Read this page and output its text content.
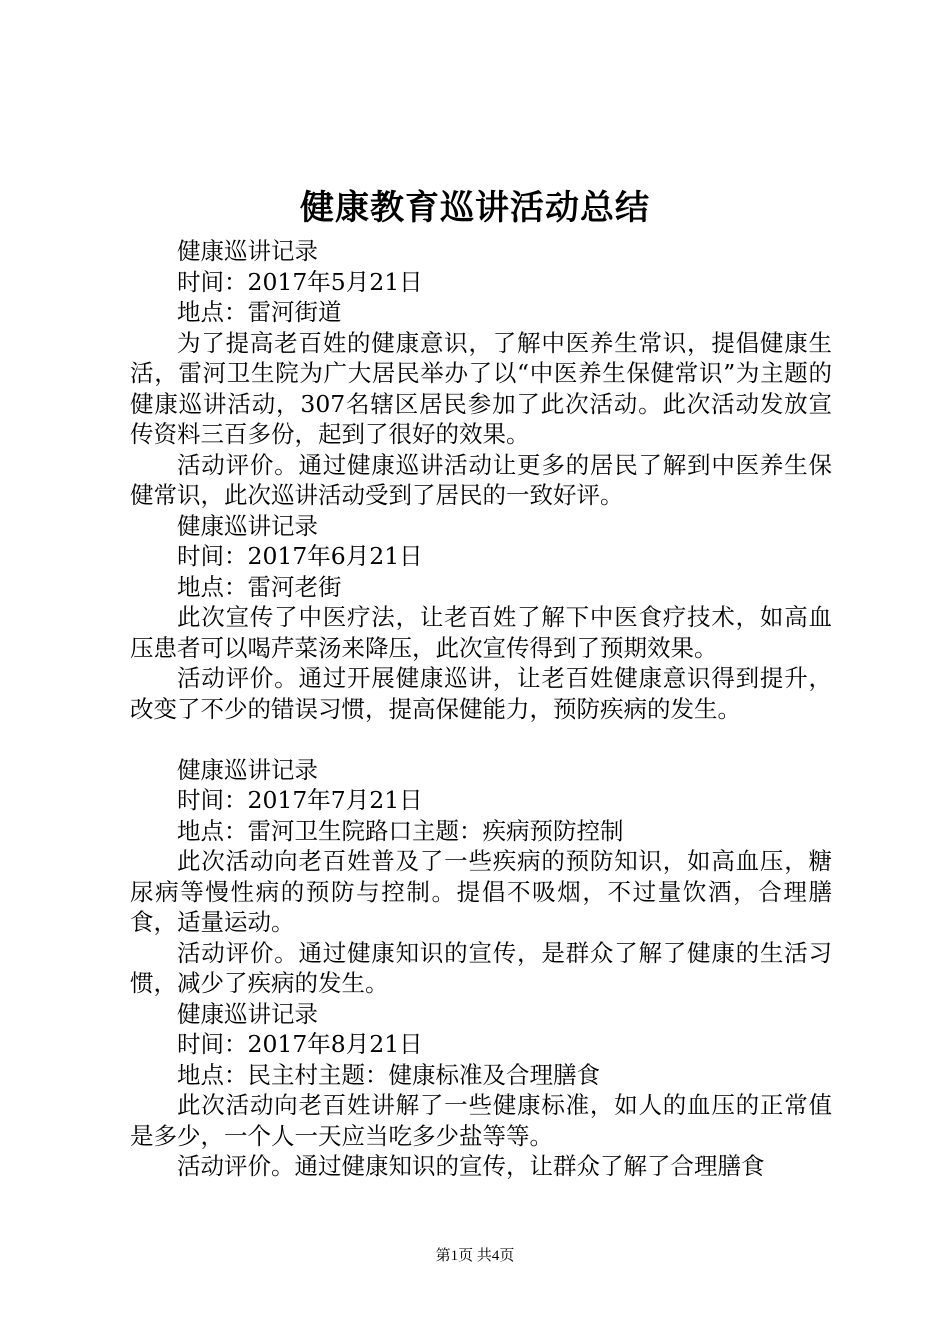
健康教育巡讲活动总结

健康巡讲记录

时间：2017年5月21日

地点：雷河街道

为了提高老百姓的健康意识，了解中医养生常识，提倡健康生活，雷河卫生院为广大居民举办了以“中医养生保健常识”为主题的健康巡讲活动，307名辖区居民参加了此次活动。此次活动发放宣传资料三百多份，起到了很好的效果。

活动评价。通过健康巡讲活动让更多的居民了解到中医养生保健常识，此次巡讲活动受到了居民的一致好评。

健康巡讲记录

时间：2017年6月21日

地点：雷河老街

此次宣传了中医疗法，让老百姓了解下中医食疗技术，如高血压患者可以喝芹菜汤来降压，此次宣传得到了预期效果。

活动评价。通过开展健康巡讲，让老百姓健康意识得到提升，改变了不少的错误习惯，提高保健能力，预防疾病的发生。

健康巡讲记录

时间：2017年7月21日

地点：雷河卫生院路口主题：疾病预防控制

此次活动向老百姓普及了一些疾病的预防知识，如高血压，糖尿病等慢性病的预防与控制。提倡不吸烟，不过量饮酒，合理膳食，适量运动。

活动评价。通过健康知识的宣传，是群众了解了健康的生活习惯，减少了疾病的发生。

健康巡讲记录

时间：2017年8月21日

地点：民主村主题：健康标准及合理膳食

此次活动向老百姓讲解了一些健康标准，如人的血压的正常值是多少，一个人一天应当吃多少盐等等。

活动评价。通过健康知识的宣传，让群众了解了合理膳食

第1页 共4页
